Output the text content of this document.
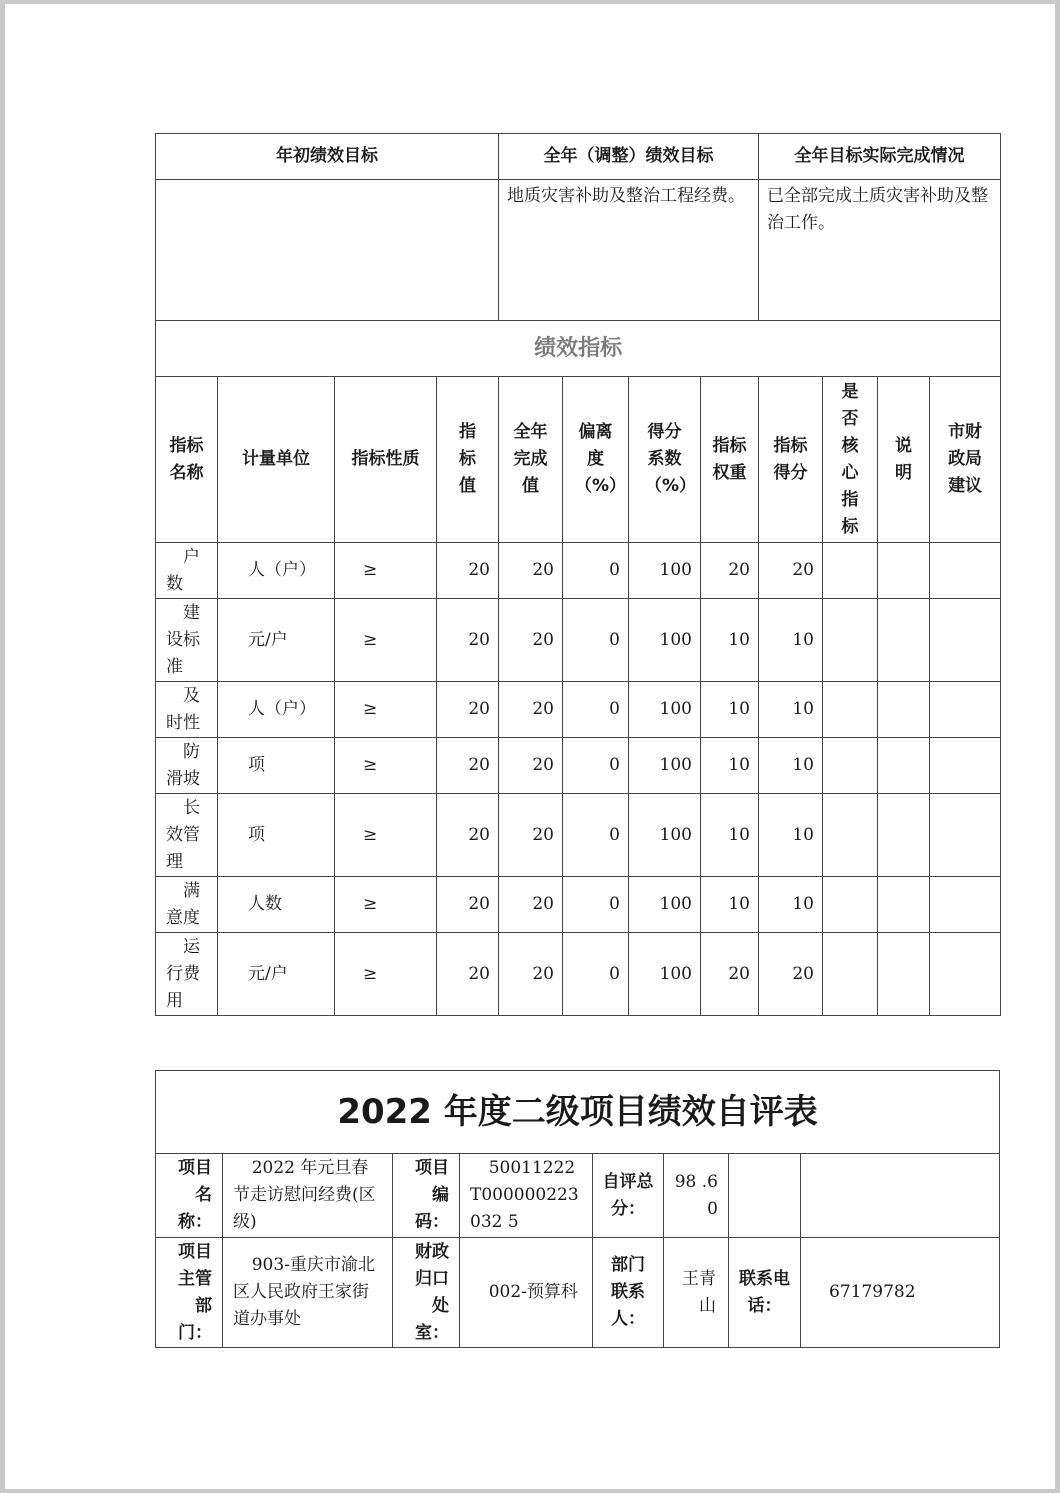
年初绩效目标	全年（调整）绩效目标	全年目标实际完成情况
	地质灾害补助及整治工程经费。	已全部完成土质灾害补助及整治工作。
绩效指标											
指标名称	计量单位	指标性质	指标值	全年完成值	偏离度（%）	得分系数（%）	指标权重	指标得分	是否核心指标	说明	市财政局建议
户数	人（户）	≥	20	20	0	100	20	20			
建设标准	元/户	≥	20	20	0	100	10	10			
及时性	人（户）	≥	20	20	0	100	10	10			
防滑坡	项	≥	20	20	0	100	10	10			
长效管理	项	≥	20	20	0	100	10	10			
满意度	人数	≥	20	20	0	100	10	10			
运行费用	元/户	≥	20	20	0	100	20	20			
2022 年度二级项目绩效自评表							
项目名称：	2022 年元旦春节走访慰问经费(区级)	项目编码：	50011222T000000223032 5	自评总分：	98 .60		
项目主管部门：	903-重庆市渝北区人民政府王家街道办事处	财政归口处室：	002-预算科	部门联系人：	王青山	联系电话：	67179782
